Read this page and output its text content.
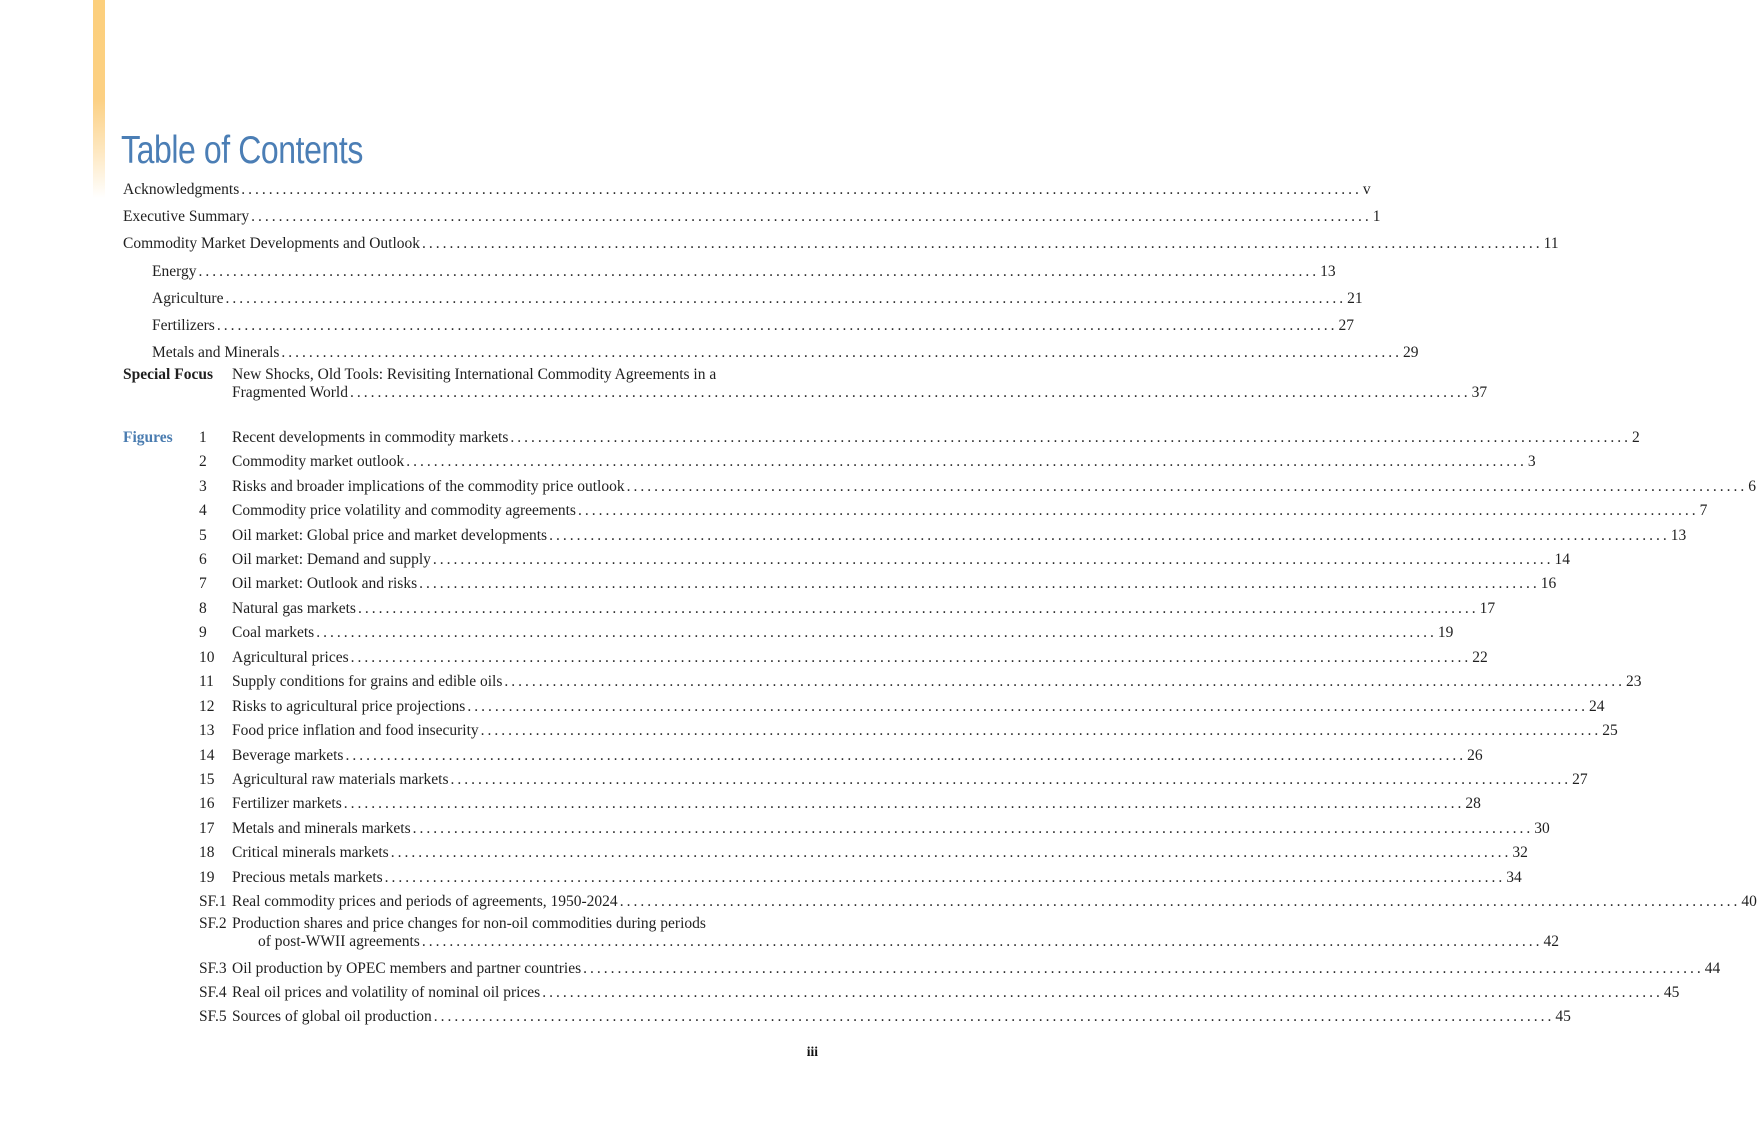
Table of Contents
Acknowledgments .....	v
Executive Summary .....	1
Commodity Market Developments and Outlook .....	11
Energy .....	13
Agriculture .....	21
Fertilizers .....	27
Metals and Minerals .....	29
Special Focus	New Shocks, Old Tools: Revisiting International Commodity Agreements in a
Fragmented World .....	37
Figures 1	Recent developments in commodity markets .....	2
2	Commodity market outlook .....	3
3	Risks and broader implications of the commodity price outlook .....	6
4	Commodity price volatility and commodity agreements .....	7
5	Oil market: Global price and market developments .....	13
6	Oil market: Demand and supply .....	14
7	Oil market: Outlook and risks .....	16
8	Natural gas markets .....	17
9	Coal markets .....	19
10	Agricultural prices .....	22
11	Supply conditions for grains and edible oils .....	23
12	Risks to agricultural price projections .....	24
13	Food price inflation and food insecurity .....	25
14	Beverage markets .....	26
15	Agricultural raw materials markets .....	27
16	Fertilizer markets .....	28
17	Metals and minerals markets .....	30
18	Critical minerals markets .....	32
19	Precious metals markets .....	34
SF.1 Real commodity prices and periods of agreements, 1950-2024 .....	40
SF.2 Production shares and price changes for non-oil commodities during periods
of post-WWII agreements .....	42
SF.3 Oil production by OPEC members and partner countries .....	44
SF.4 Real oil prices and volatility of nominal oil prices .....	45
SF.5 Sources of global oil production .....	45
iii
